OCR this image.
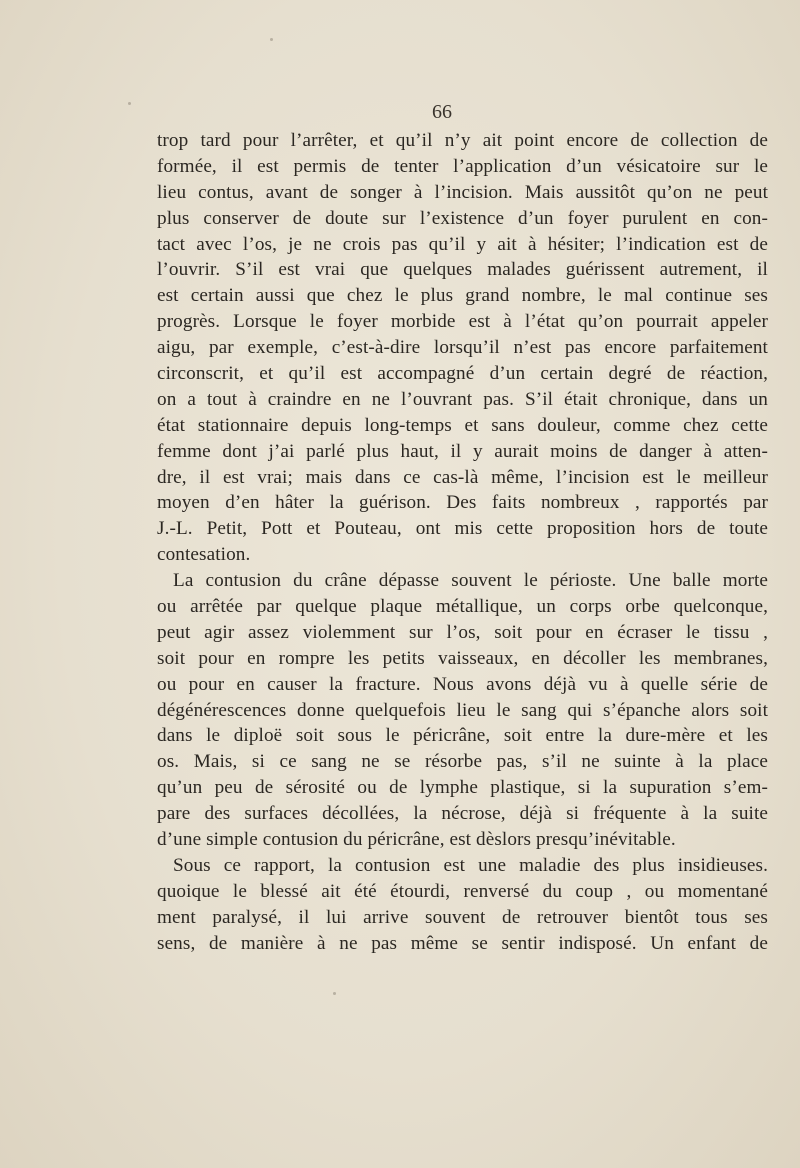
66
trop tard pour l’arrêter, et qu’il n’y ait point encore de collection de
formée, il est permis de tenter l’application d’un vésicatoire sur le
lieu contus, avant de songer à l’incision. Mais aussitôt qu’on ne peut
plus conserver de doute sur l’existence d’un foyer purulent en con-
tact avec l’os, je ne crois pas qu’il y ait à hésiter; l’indication est de
l’ouvrir. S’il est vrai que quelques malades guérissent autrement, il
est certain aussi que chez le plus grand nombre, le mal continue ses
progrès. Lorsque le foyer morbide est à l’état qu’on pourrait appeler
aigu, par exemple, c’est-à-dire lorsqu’il n’est pas encore parfaitement
circonscrit, et qu’il est accompagné d’un certain degré de réaction,
on a tout à craindre en ne l’ouvrant pas. S’il était chronique, dans un
état stationnaire depuis long-temps et sans douleur, comme chez cette
femme dont j’ai parlé plus haut, il y aurait moins de danger à atten-
dre, il est vrai; mais dans ce cas-là même, l’incision est le meilleur
moyen d’en hâter la guérison. Des faits nombreux , rapportés par
J.-L. Petit, Pott et Pouteau, ont mis cette proposition hors de toute
contesation.
La contusion du crâne dépasse souvent le périoste. Une balle morte
ou arrêtée par quelque plaque métallique, un corps orbe quelconque,
peut agir assez violemment sur l’os, soit pour en écraser le tissu ,
soit pour en rompre les petits vaisseaux, en décoller les membranes,
ou pour en causer la fracture. Nous avons déjà vu à quelle série de
dégénérescences donne quelquefois lieu le sang qui s’épanche alors soit
dans le diploë soit sous le péricrâne, soit entre la dure-mère et les
os. Mais, si ce sang ne se résorbe pas, s’il ne suinte à la place
qu’un peu de sérosité ou de lymphe plastique, si la supuration s’em-
pare des surfaces décollées, la nécrose, déjà si fréquente à la suite
d’une simple contusion du péricrâne, est dèslors presqu’inévitable.
Sous ce rapport, la contusion est une maladie des plus insidieuses.
quoique le blessé ait été étourdi, renversé du coup , ou momentané
ment paralysé, il lui arrive souvent de retrouver bientôt tous ses
sens, de manière à ne pas même se sentir indisposé. Un enfant de
